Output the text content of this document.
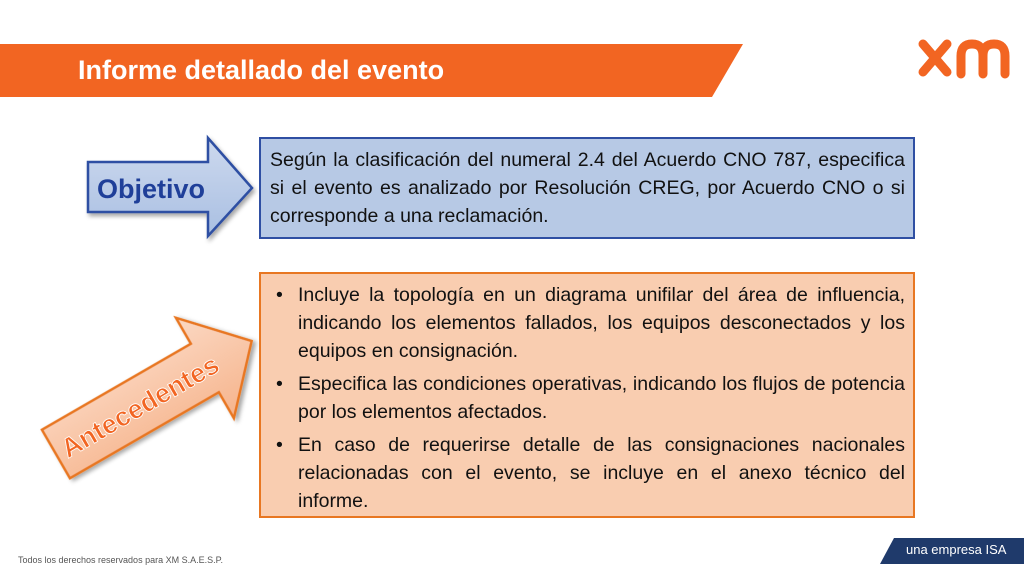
Informe detallado del evento
xm
Objetivo
Antecedentes
Según la clasificación del numeral 2.4 del Acuerdo CNO 787, especifica si el evento es analizado por Resolución CREG, por Acuerdo CNO o si corresponde a una reclamación.
• Incluye la topología en un diagrama unifilar del área de influencia, indicando los elementos fallados, los equipos desconectados y los equipos en consignación.
• Especifica las condiciones operativas, indicando los flujos de potencia por los elementos afectados.
• En caso de requerirse detalle de las consignaciones nacionales relacionadas con el evento, se incluye en el anexo técnico del informe.
Todos los derechos reservados para XM S.A.E.S.P.
una empresa ISA
